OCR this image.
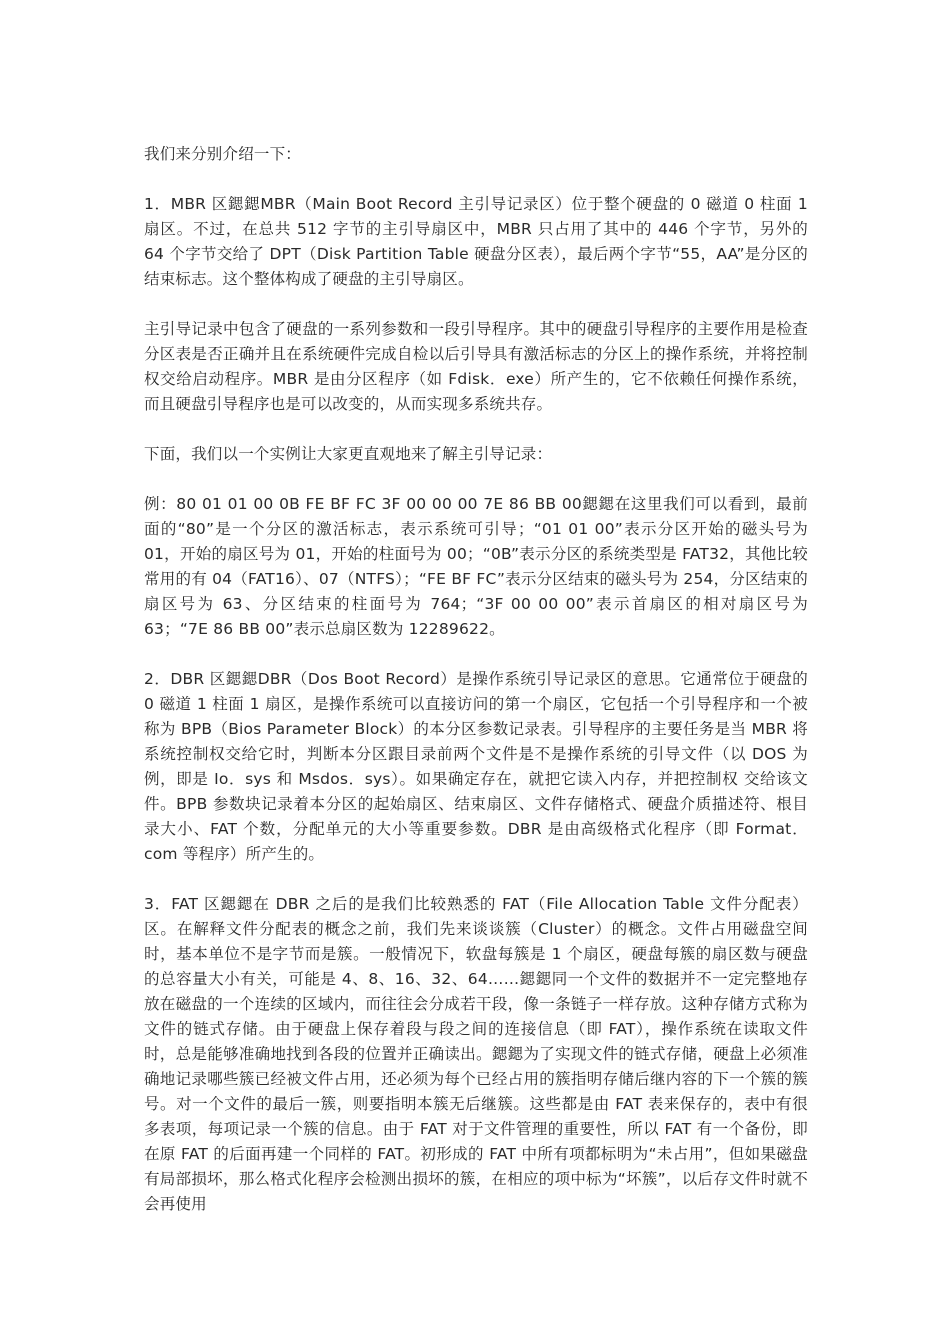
我们来分别介绍一下：

1．MBR 区鍶鍶MBR（Main Boot Record 主引导记录区）位于整个硬盘的 0 磁道 0 柱面 1 扇区。不过，在总共 512 字节的主引导扇区中，MBR 只占用了其中的 446 个字节，另外的 64 个字节交给了 DPT（Disk Partition Table 硬盘分区表），最后两个字节“55，AA”是分区的结束标志。这个整体构成了硬盘的主引导扇区。

主引导记录中包含了硬盘的一系列参数和一段引导程序。其中的硬盘引导程序的主要作用是检查分区表是否正确并且在系统硬件完成自检以后引导具有激活标志的分区上的操作系统，并将控制权交给启动程序。MBR 是由分区程序（如 Fdisk．exe）所产生的，它不依赖任何操作系统，而且硬盘引导程序也是可以改变的，从而实现多系统共存。

下面，我们以一个实例让大家更直观地来了解主引导记录：

例：80 01 01 00 0B FE BF FC 3F 00 00 00 7E 86 BB 00鍶鍶在这里我们可以看到，最前面的“80”是一个分区的激活标志，表示系统可引导；“01 01 00”表示分区开始的磁头号为 01，开始的扇区号为 01，开始的柱面号为 00；“0B”表示分区的系统类型是 FAT32，其他比较常用的有 04（FAT16）、07（NTFS）；“FE BF FC”表示分区结束的磁头号为 254，分区结束的扇区号为 63、分区结束的柱面号为 764；“3F 00 00 00”表示首扇区的相对扇区号为 63；“7E 86 BB 00”表示总扇区数为 12289622。

2．DBR 区鍶鍶DBR（Dos Boot Record）是操作系统引导记录区的意思。它通常位于硬盘的 0 磁道 1 柱面 1 扇区，是操作系统可以直接访问的第一个扇区，它包括一个引导程序和一个被称为 BPB（Bios Parameter Block）的本分区参数记录表。引导程序的主要任务是当 MBR 将系统控制权交给它时，判断本分区跟目录前两个文件是不是操作系统的引导文件（以 DOS 为例，即是 Io．sys 和 Msdos．sys）。如果确定存在，就把它读入内存，并把控制权 交给该文件。BPB 参数块记录着本分区的起始扇区、结束扇区、文件存储格式、硬盘介质描述符、根目录大小、FAT 个数，分配单元的大小等重要参数。DBR 是由高级格式化程序（即 Format．com 等程序）所产生的。

3．FAT 区鍶鍶在 DBR 之后的是我们比较熟悉的 FAT（File Allocation Table 文件分配表）区。在解释文件分配表的概念之前，我们先来谈谈簇（Cluster）的概念。文件占用磁盘空间时，基本单位不是字节而是簇。一般情况下，软盘每簇是 1 个扇区，硬盘每簇的扇区数与硬盘的总容量大小有关，可能是 4、8、16、32、64……鍶鍶同一个文件的数据并不一定完整地存放在磁盘的一个连续的区域内，而往往会分成若干段，像一条链子一样存放。这种存储方式称为文件的链式存储。由于硬盘上保存着段与段之间的连接信息（即 FAT），操作系统在读取文件时，总是能够准确地找到各段的位置并正确读出。鍶鍶为了实现文件的链式存储，硬盘上必须准确地记录哪些簇已经被文件占用，还必须为每个已经占用的簇指明存储后继内容的下一个簇的簇号。对一个文件的最后一簇，则要指明本簇无后继簇。这些都是由 FAT 表来保存的，表中有很多表项，每项记录一个簇的信息。由于 FAT 对于文件管理的重要性，所以 FAT 有一个备份，即在原 FAT 的后面再建一个同样的 FAT。初形成的 FAT 中所有项都标明为“未占用”，但如果磁盘有局部损坏，那么格式化程序会检测出损坏的簇，在相应的项中标为“坏簇”，以后存文件时就不会再使用
